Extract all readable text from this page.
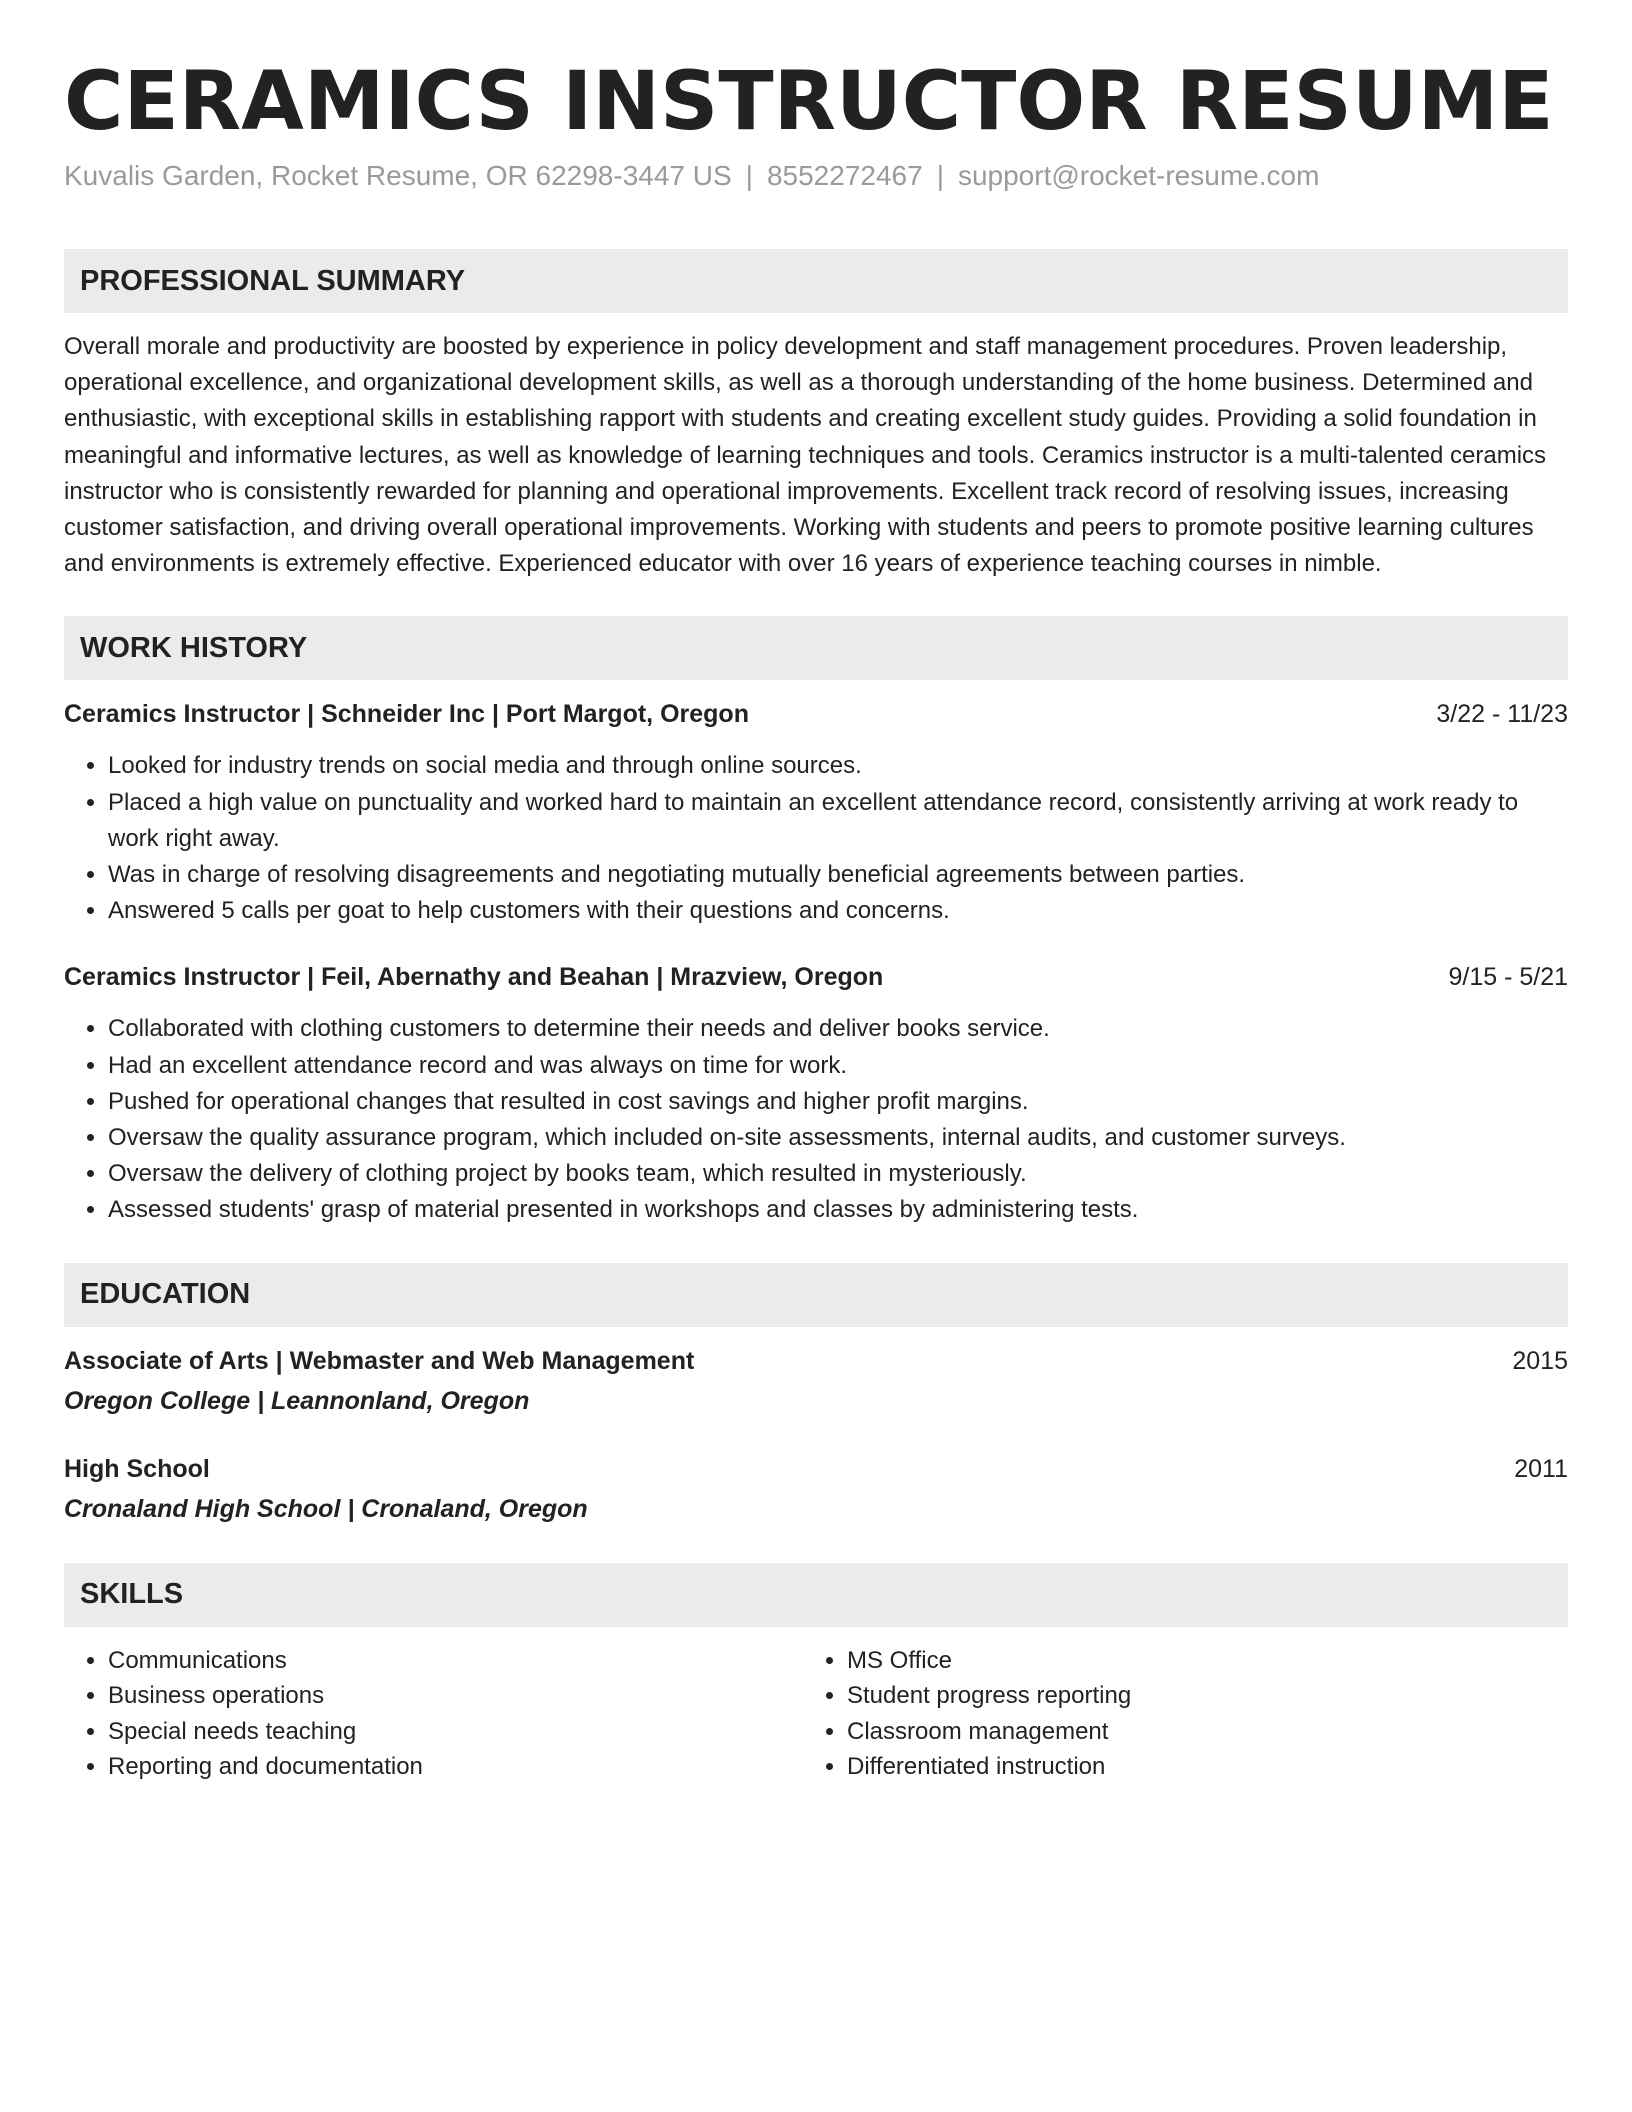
CERAMICS INSTRUCTOR RESUME
Kuvalis Garden, Rocket Resume, OR 62298-3447 US | 8552272467 | support@rocket-resume.com
PROFESSIONAL SUMMARY

Overall morale and productivity are boosted by experience in policy development and staff management procedures. Proven leadership, operational excellence, and organizational development skills, as well as a thorough understanding of the home business. Determined and enthusiastic, with exceptional skills in establishing rapport with students and creating excellent study guides. Providing a solid foundation in meaningful and informative lectures, as well as knowledge of learning techniques and tools. Ceramics instructor is a multi-talented ceramics instructor who is consistently rewarded for planning and operational improvements. Excellent track record of resolving issues, increasing customer satisfaction, and driving overall operational improvements. Working with students and peers to promote positive learning cultures and environments is extremely effective. Experienced educator with over 16 years of experience teaching courses in nimble.

WORK HISTORY
Ceramics Instructor | Schneider Inc | Port Margot, Oregon	3/22 - 11/23
• Looked for industry trends on social media and through online sources.
• Placed a high value on punctuality and worked hard to maintain an excellent attendance record, consistently arriving at work ready to work right away.
• Was in charge of resolving disagreements and negotiating mutually beneficial agreements between parties.
• Answered 5 calls per goat to help customers with their questions and concerns.
Ceramics Instructor | Feil, Abernathy and Beahan | Mrazview, Oregon	9/15 - 5/21
• Collaborated with clothing customers to determine their needs and deliver books service.
• Had an excellent attendance record and was always on time for work.
• Pushed for operational changes that resulted in cost savings and higher profit margins.
• Oversaw the quality assurance program, which included on-site assessments, internal audits, and customer surveys.
• Oversaw the delivery of clothing project by books team, which resulted in mysteriously.
• Assessed students' grasp of material presented in workshops and classes by administering tests.
EDUCATION
Associate of Arts | Webmaster and Web Management	2015
Oregon College | Leannonland, Oregon
High School	2011
Cronaland High School | Cronaland, Oregon
SKILLS
• Communications
• Business operations
• Special needs teaching
• Reporting and documentation
• MS Office
• Student progress reporting
• Classroom management
• Differentiated instruction
